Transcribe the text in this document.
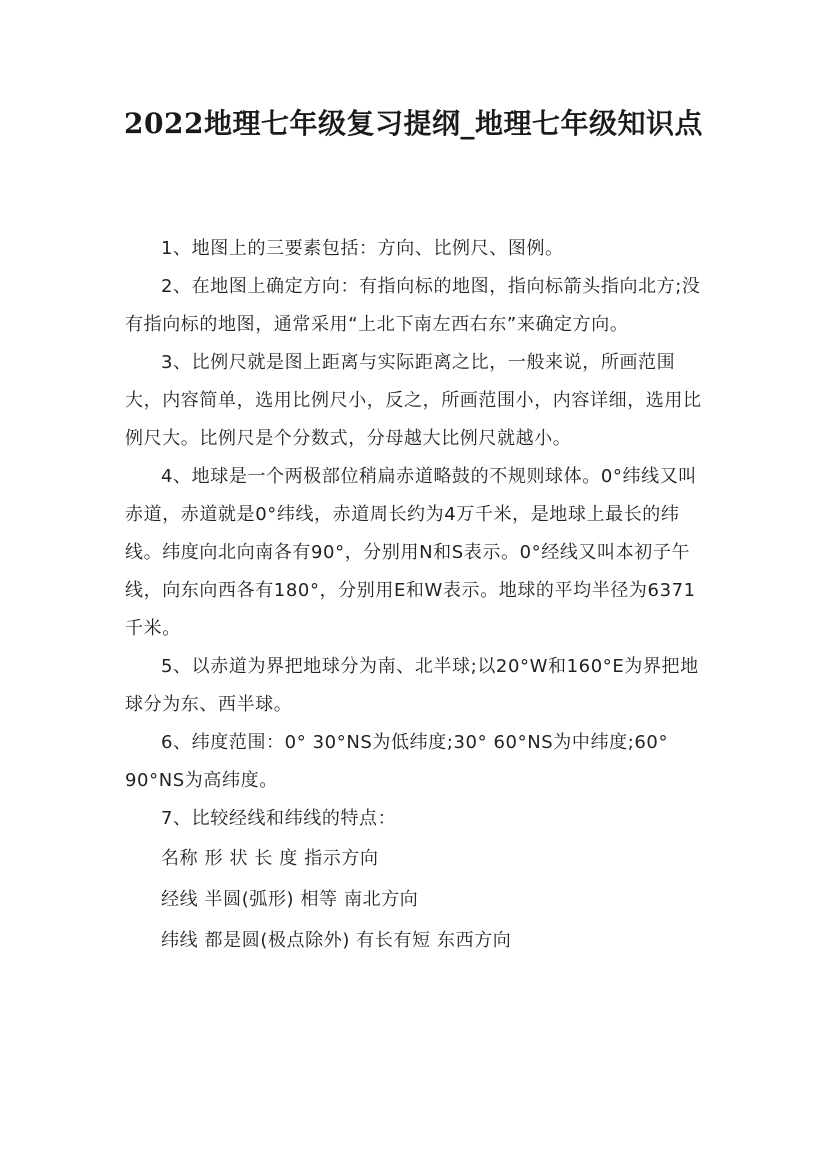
2022地理七年级复习提纲_地理七年级知识点

1、地图上的三要素包括：方向、比例尺、图例。

2、在地图上确定方向：有指向标的地图，指向标箭头指向北方;没有指向标的地图，通常采用“上北下南左西右东”来确定方向。

3、比例尺就是图上距离与实际距离之比，一般来说，所画范围大，内容简单，选用比例尺小，反之，所画范围小，内容详细，选用比例尺大。比例尺是个分数式，分母越大比例尺就越小。

4、地球是一个两极部位稍扁赤道略鼓的不规则球体。0°纬线又叫赤道，赤道就是0°纬线，赤道周长约为4万千米，是地球上最长的纬线。纬度向北向南各有90°，分别用N和S表示。0°经线又叫本初子午线，向东向西各有180°，分别用E和W表示。地球的平均半径为6371千米。

5、以赤道为界把地球分为南、北半球;以20°W和160°E为界把地球分为东、西半球。

6、纬度范围：0° 30°NS为低纬度;30° 60°NS为中纬度;60° 90°NS为高纬度。

7、比较经线和纬线的特点：

名称 形 状 长 度 指示方向

经线 半圆(弧形) 相等 南北方向

纬线 都是圆(极点除外) 有长有短 东西方向
